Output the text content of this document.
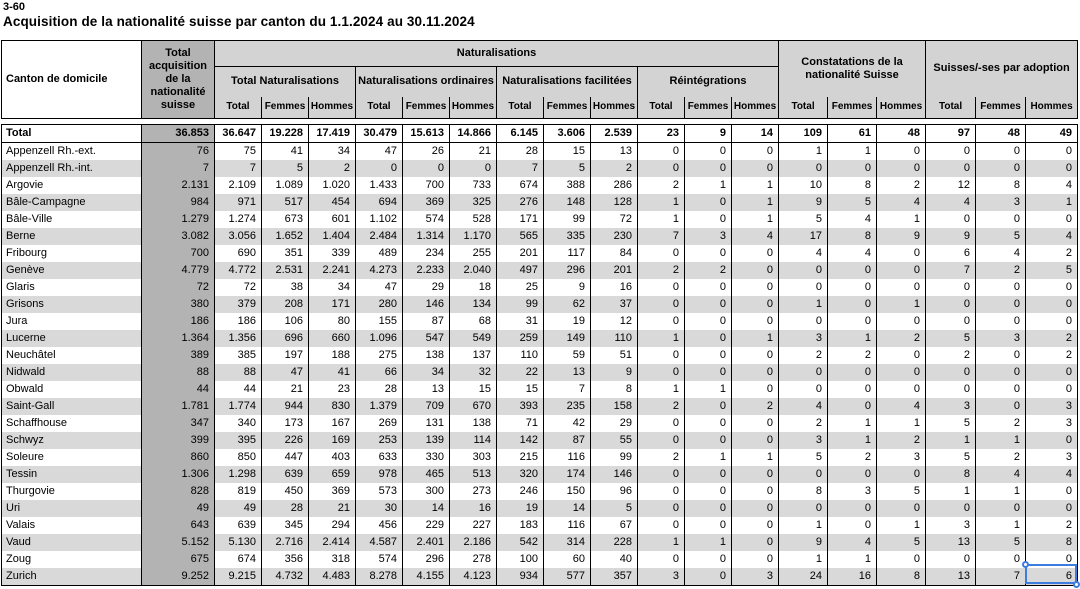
3-60
Acquisition de la nationalité suisse par canton du 1.1.2024 au 30.11.2024
Canton de domicile	Total acquisition de la nationalité suisse	Naturalisations												Constatations de la nationalité Suisse			Suisses/-ses par adoption		
		Total Naturalisations			Naturalisations ordinaires			Naturalisations facilitées			Réintégrations								
		Total	Femmes	Hommes	Total	Femmes	Hommes	Total	Femmes	Hommes	Total	Femmes	Hommes	Total	Femmes	Hommes	Total	Femmes	Hommes
Total	36.853	36.647	19.228	17.419	30.479	15.613	14.866	6.145	3.606	2.539	23	9	14	109	61	48	97	48	49
Appenzell Rh.-ext.	76	75	41	34	47	26	21	28	15	13	0	0	0	1	1	0	0	0	0
Appenzell Rh.-int.	7	7	5	2	0	0	0	7	5	2	0	0	0	0	0	0	0	0	0
Argovie	2.131	2.109	1.089	1.020	1.433	700	733	674	388	286	2	1	1	10	8	2	12	8	4
Bâle-Campagne	984	971	517	454	694	369	325	276	148	128	1	0	1	9	5	4	4	3	1
Bâle-Ville	1.279	1.274	673	601	1.102	574	528	171	99	72	1	0	1	5	4	1	0	0	0
Berne	3.082	3.056	1.652	1.404	2.484	1.314	1.170	565	335	230	7	3	4	17	8	9	9	5	4
Fribourg	700	690	351	339	489	234	255	201	117	84	0	0	0	4	4	0	6	4	2
Genève	4.779	4.772	2.531	2.241	4.273	2.233	2.040	497	296	201	2	2	0	0	0	0	7	2	5
Glaris	72	72	38	34	47	29	18	25	9	16	0	0	0	0	0	0	0	0	0
Grisons	380	379	208	171	280	146	134	99	62	37	0	0	0	1	0	1	0	0	0
Jura	186	186	106	80	155	87	68	31	19	12	0	0	0	0	0	0	0	0	0
Lucerne	1.364	1.356	696	660	1.096	547	549	259	149	110	1	0	1	3	1	2	5	3	2
Neuchâtel	389	385	197	188	275	138	137	110	59	51	0	0	0	2	2	0	2	0	2
Nidwald	88	88	47	41	66	34	32	22	13	9	0	0	0	0	0	0	0	0	0
Obwald	44	44	21	23	28	13	15	15	7	8	1	1	0	0	0	0	0	0	0
Saint-Gall	1.781	1.774	944	830	1.379	709	670	393	235	158	2	0	2	4	0	4	3	0	3
Schaffhouse	347	340	173	167	269	131	138	71	42	29	0	0	0	2	1	1	5	2	3
Schwyz	399	395	226	169	253	139	114	142	87	55	0	0	0	3	1	2	1	1	0
Soleure	860	850	447	403	633	330	303	215	116	99	2	1	1	5	2	3	5	2	3
Tessin	1.306	1.298	639	659	978	465	513	320	174	146	0	0	0	0	0	0	8	4	4
Thurgovie	828	819	450	369	573	300	273	246	150	96	0	0	0	8	3	5	1	1	0
Uri	49	49	28	21	30	14	16	19	14	5	0	0	0	0	0	0	0	0	0
Valais	643	639	345	294	456	229	227	183	116	67	0	0	0	1	0	1	3	1	2
Vaud	5.152	5.130	2.716	2.414	4.587	2.401	2.186	542	314	228	1	1	0	9	4	5	13	5	8
Zoug	675	674	356	318	574	296	278	100	60	40	0	0	0	1	1	0	0	0	0
Zurich	9.252	9.215	4.732	4.483	8.278	4.155	4.123	934	577	357	3	0	3	24	16	8	13	7	6
